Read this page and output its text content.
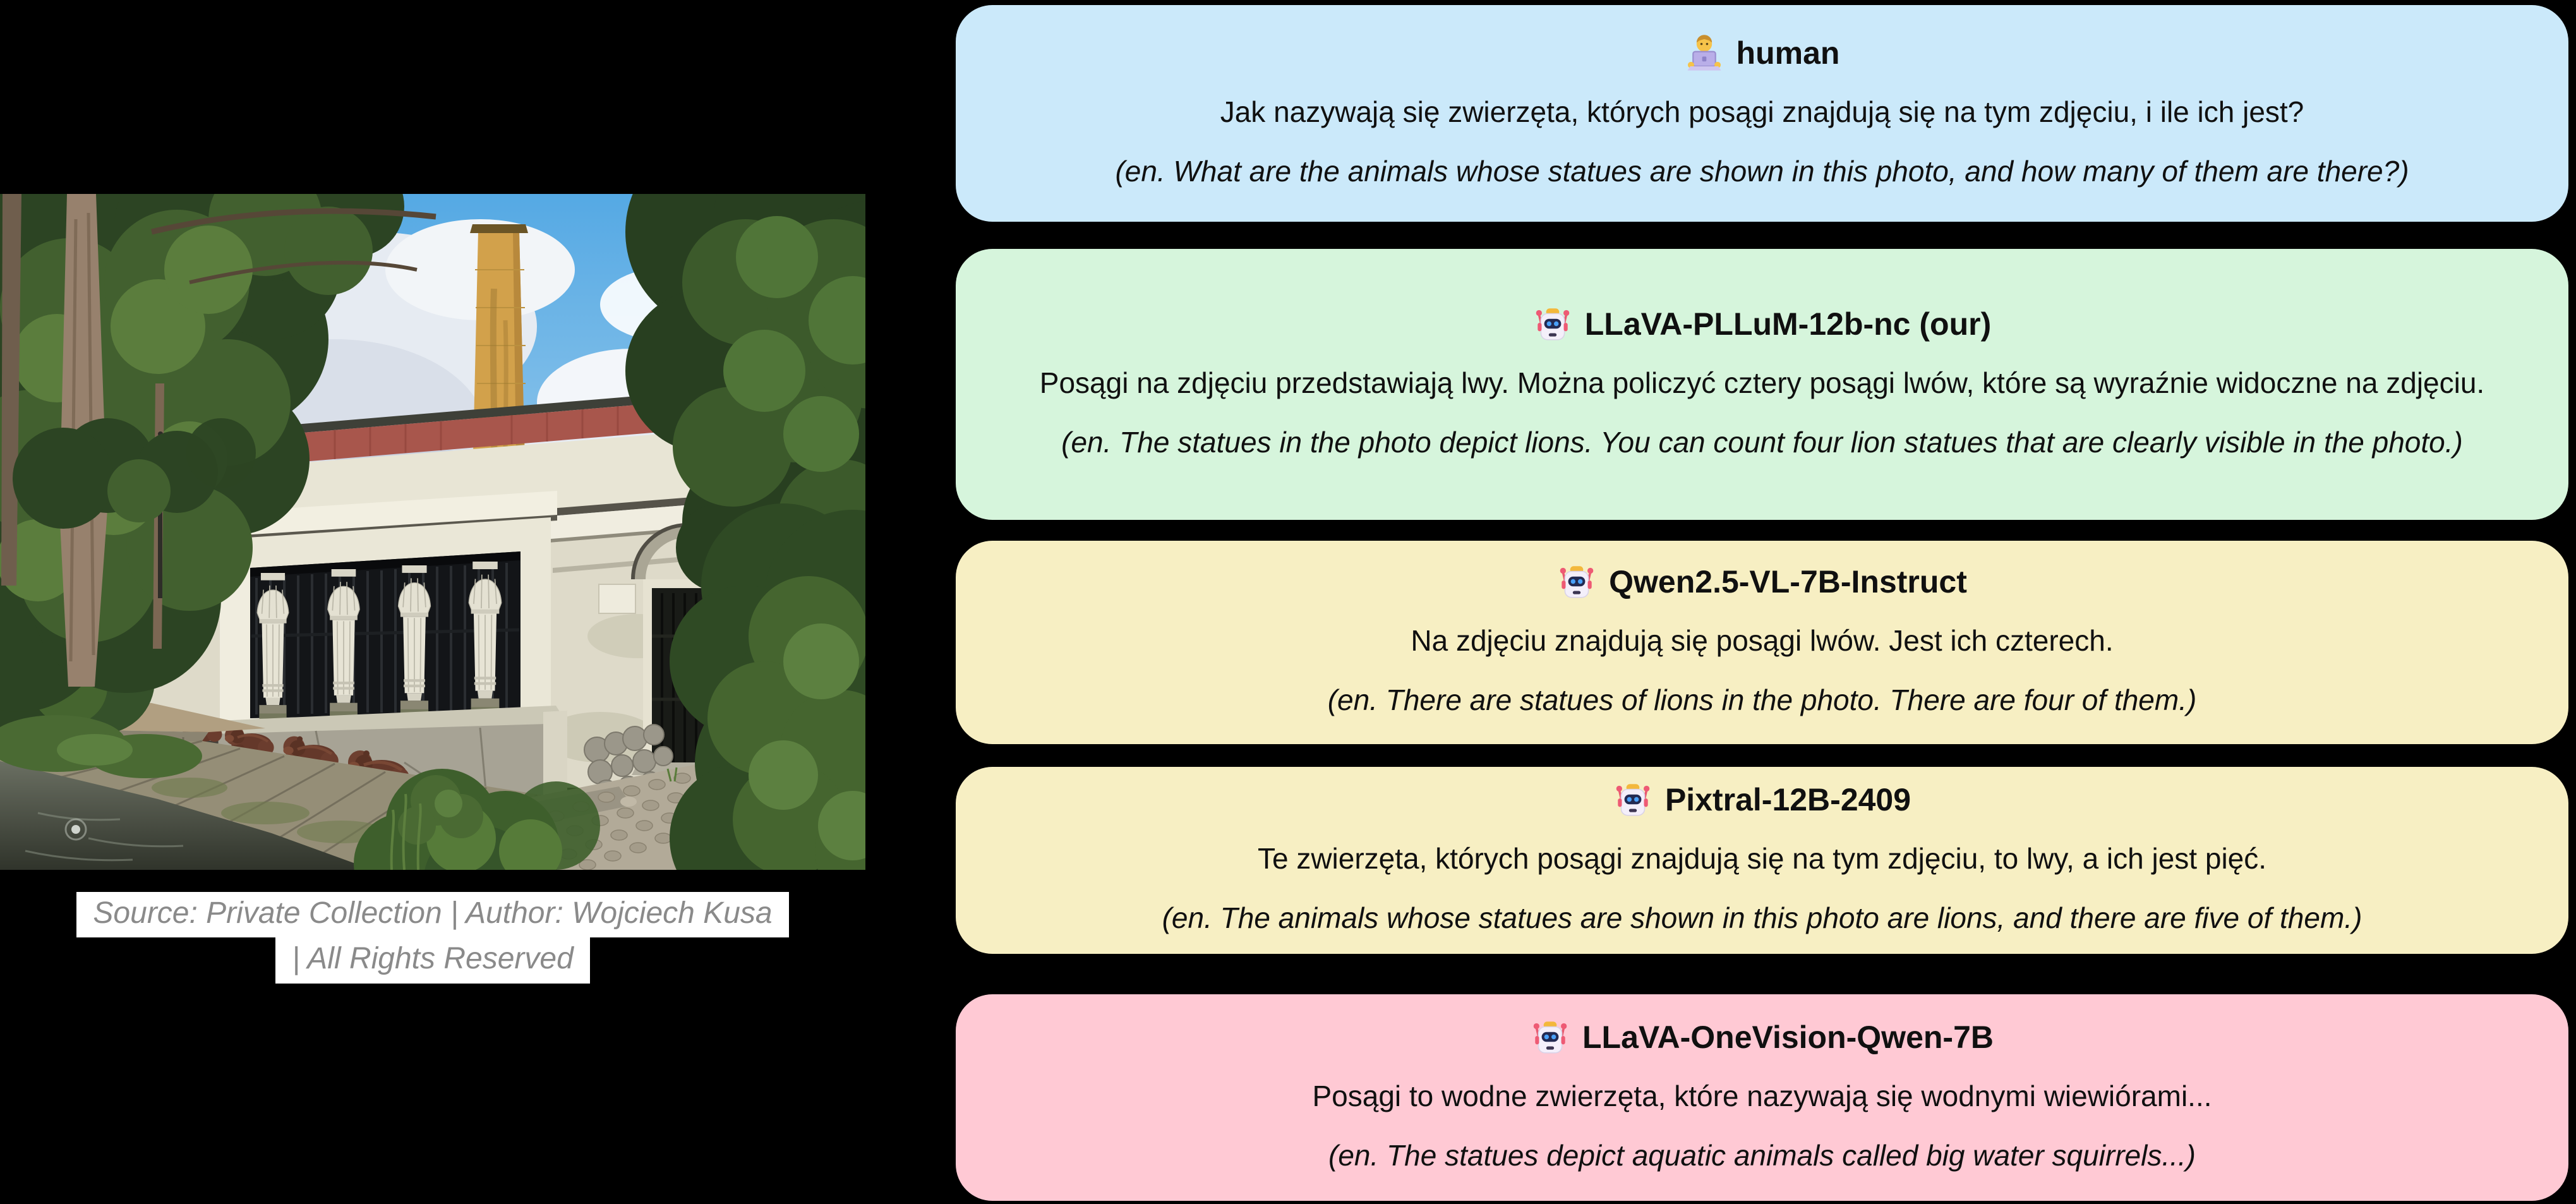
Source: Private Collection | Author: Wojciech Kusa
| All Rights Reserved
human

Jak nazywają się zwierzęta, których posągi znajdują się na tym zdjęciu, i ile ich jest?

(en. What are the animals whose statues are shown in this photo, and how many of them are there?)

LLaVA-PLLuM-12b-nc (our)

Posągi na zdjęciu przedstawiają lwy. Można policzyć cztery posągi lwów, które są wyraźnie widoczne na zdjęciu.

(en. The statues in the photo depict lions. You can count four lion statues that are clearly visible in the photo.)

Qwen2.5-VL-7B-Instruct

Na zdjęciu znajdują się posągi lwów. Jest ich czterech.

(en. There are statues of lions in the photo. There are four of them.)

Pixtral-12B-2409

Te zwierzęta, których posągi znajdują się na tym zdjęciu, to lwy, a ich jest pięć.

(en. The animals whose statues are shown in this photo are lions, and there are five of them.)

LLaVA-OneVision-Qwen-7B

Posągi to wodne zwierzęta, które nazywają się wodnymi wiewiórami...

(en. The statues depict aquatic animals called big water squirrels...)
